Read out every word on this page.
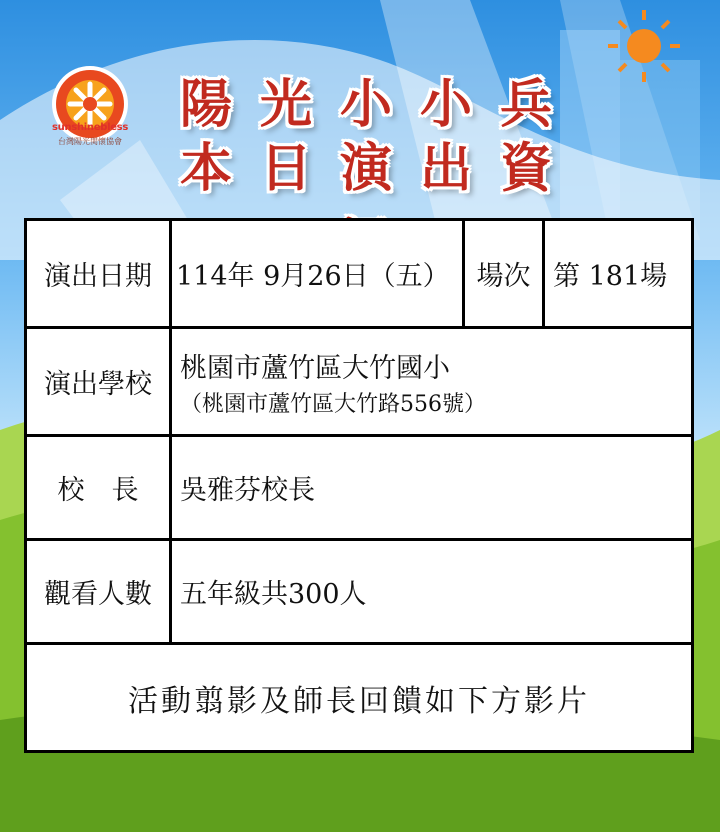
sunshinebless
台灣陽光関懷協會
陽光小小兵
本日演出資
演出日期	114年 9月26日（五）	場次	第 181場
演出學校	桃園市蘆竹區大竹國小
（桃園市蘆竹區大竹路556號）		

校　長	吳雅芬校長		
觀看人數	五年級共300人		
活動翦影及師長回饋如下方影片			
